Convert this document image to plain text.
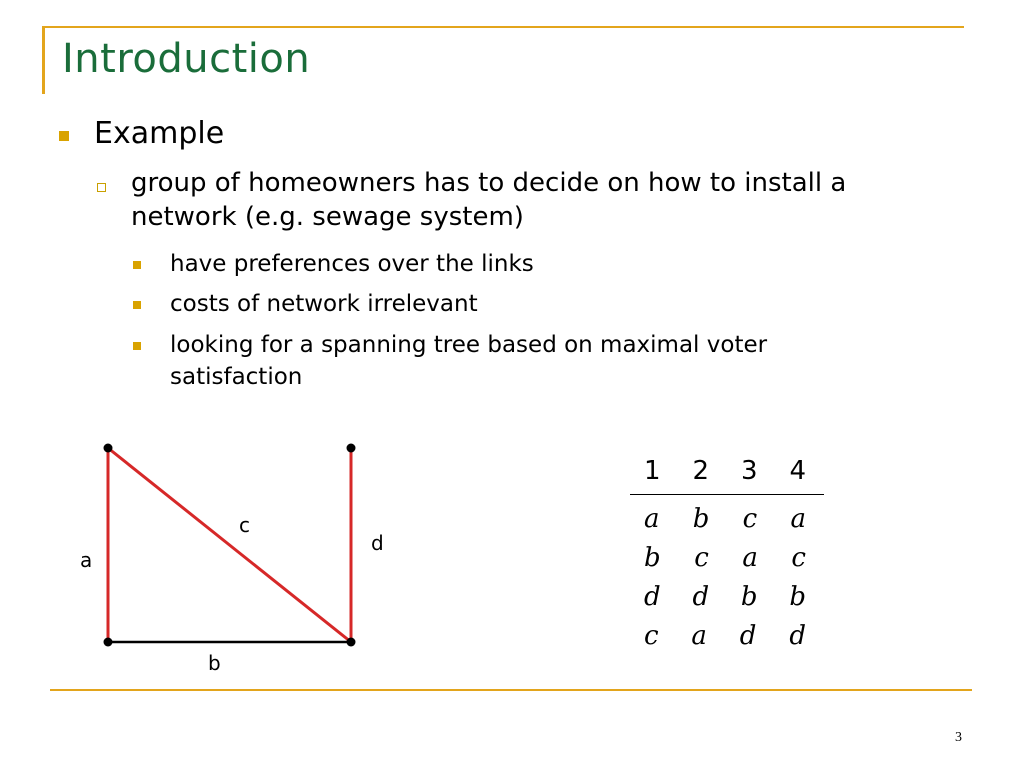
Introduction
Example
group of homeowners has to decide on how to install a network (e.g. sewage system)
have preferences over the links
costs of network irrelevant
looking for a spanning tree based on maximal voter satisfaction
a
b
c
d
1 2 3 4
a b c a
b c a c
d d b b
c a d d
3
